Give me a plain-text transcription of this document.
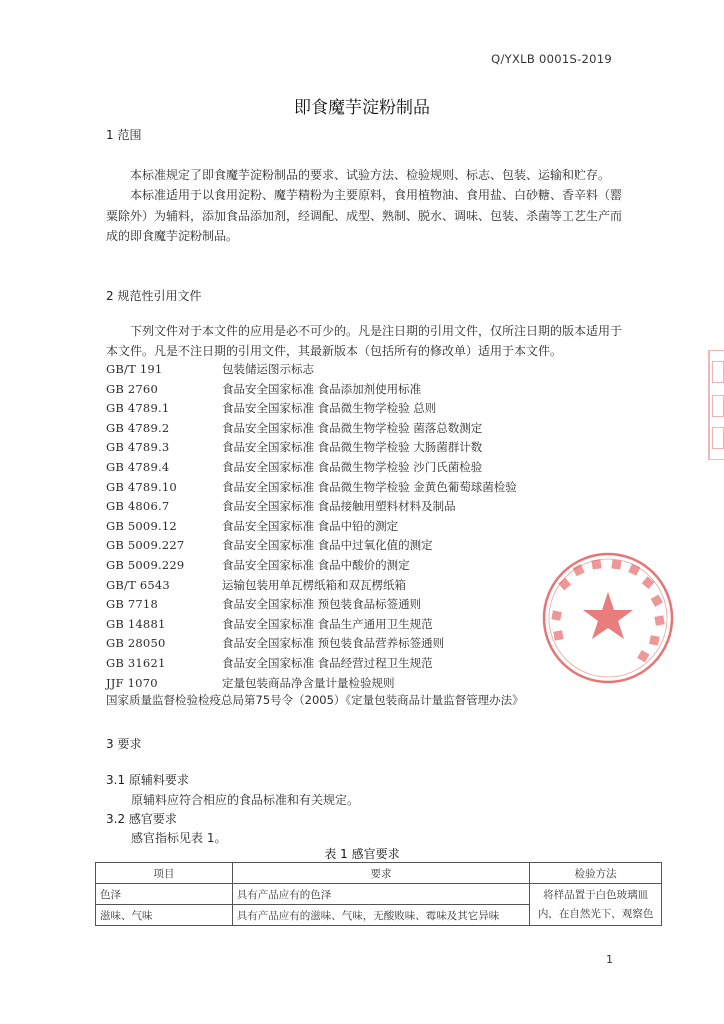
Q/YXLB 0001S-2019
即食魔芋淀粉制品
1 范围

本标准规定了即食魔芋淀粉制品的要求、试验方法、检验规则、标志、包装、运输和贮存。

本标准适用于以食用淀粉、魔芋精粉为主要原料，食用植物油、食用盐、白砂糖、香辛料（罂粟除外）为辅料，添加食品添加剂，经调配、成型、熟制、脱水、调味、包装、杀菌等工艺生产而成的即食魔芋淀粉制品。

2 规范性引用文件

下列文件对于本文件的应用是必不可少的。凡是注日期的引用文件，仅所注日期的版本适用于本文件。凡是不注日期的引用文件，其最新版本（包括所有的修改单）适用于本文件。

GB/T 191	包装储运图示标志
GB 2760	食品安全国家标准 食品添加剂使用标准
GB 4789.1	食品安全国家标准 食品微生物学检验 总则
GB 4789.2	食品安全国家标准 食品微生物学检验 菌落总数测定
GB 4789.3	食品安全国家标准 食品微生物学检验 大肠菌群计数
GB 4789.4	食品安全国家标准 食品微生物学检验 沙门氏菌检验
GB 4789.10	食品安全国家标准 食品微生物学检验 金黄色葡萄球菌检验
GB 4806.7	食品安全国家标准 食品接触用塑料材料及制品
GB 5009.12	食品安全国家标准 食品中铅的测定
GB 5009.227	食品安全国家标准 食品中过氧化值的测定
GB 5009.229	食品安全国家标准 食品中酸价的测定
GB/T 6543	运输包装用单瓦楞纸箱和双瓦楞纸箱
GB 7718	食品安全国家标准 预包装食品标签通则
GB 14881	食品安全国家标准 食品生产通用卫生规范
GB 28050	食品安全国家标准 预包装食品营养标签通则
GB 31621	食品安全国家标准 食品经营过程卫生规范
JJF 1070	定量包装商品净含量计量检验规则
国家质量监督检验检疫总局第75号令（2005）《定量包装商品计量监督管理办法》
3 要求
3.1 原辅料要求
原辅料应符合相应的食品标准和有关规定。
3.2 感官要求
感官指标见表 1。
表 1 感官要求
项目	要求	检验方法
色泽	具有产品应有的色泽	将样品置于白色玻璃皿内，在自然光下，观察色

滋味、气味	具有产品应有的滋味、气味，无酸败味、霉味及其它异味	
1
